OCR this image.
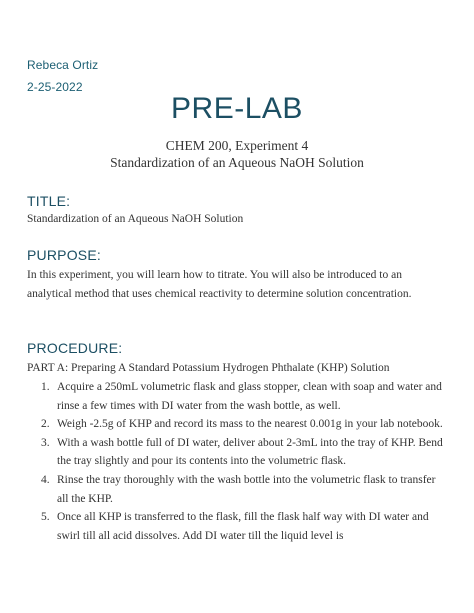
Rebeca Ortiz
2-25-2022
PRE-LAB
CHEM 200, Experiment 4
Standardization of an Aqueous NaOH Solution
TITLE:
Standardization of an Aqueous NaOH Solution
PURPOSE:
In this experiment, you will learn how to titrate. You will also be introduced to an analytical method that uses chemical reactivity to determine solution concentration.
PROCEDURE:
PART A: Preparing A Standard Potassium Hydrogen Phthalate (KHP) Solution
1. Acquire a 250mL volumetric flask and glass stopper, clean with soap and water and rinse a few times with DI water from the wash bottle, as well.
2. Weigh -2.5g of KHP and record its mass to the nearest 0.001g in your lab notebook.
3. With a wash bottle full of DI water, deliver about 2-3mL into the tray of KHP. Bend the tray slightly and pour its contents into the volumetric flask.
4. Rinse the tray thoroughly with the wash bottle into the volumetric flask to transfer all the KHP.
5. Once all KHP is transferred to the flask, fill the flask half way with DI water and swirl till all acid dissolves. Add DI water till the liquid level is
